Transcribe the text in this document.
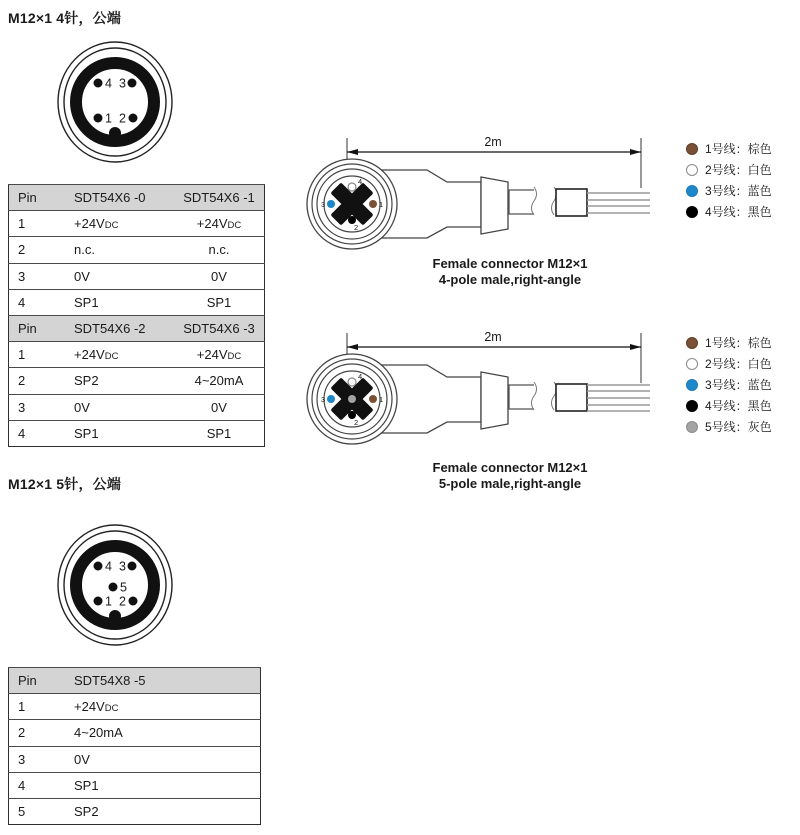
M12×1 4针，公端
4 3
1 2
Pin	SDT54X6 -0	SDT54X6 -1
1	+24VDC	+24VDC
2	n.c.	n.c.
3	0V	0V
4	SP1	SP1
Pin	SDT54X6 -2	SDT54X6 -3
1	+24VDC	+24VDC
2	SP2	4~20mA
3	0V	0V
4	SP1	SP1
2m
3
4
1
2
Female connector M12×1
4-pole male,right-angle
1号线：棕色
2号线：白色
3号线：蓝色
4号线：黑色
M12×1 5针，公端
4 3
5
1 2
Pin	SDT54X8 -5
1	+24VDC
2	4~20mA
3	0V
4	SP1
5	SP2
2m
3
4
1
5
2
Female connector M12×1
5-pole male,right-angle
1号线：棕色
2号线：白色
3号线：蓝色
4号线：黑色
5号线：灰色
